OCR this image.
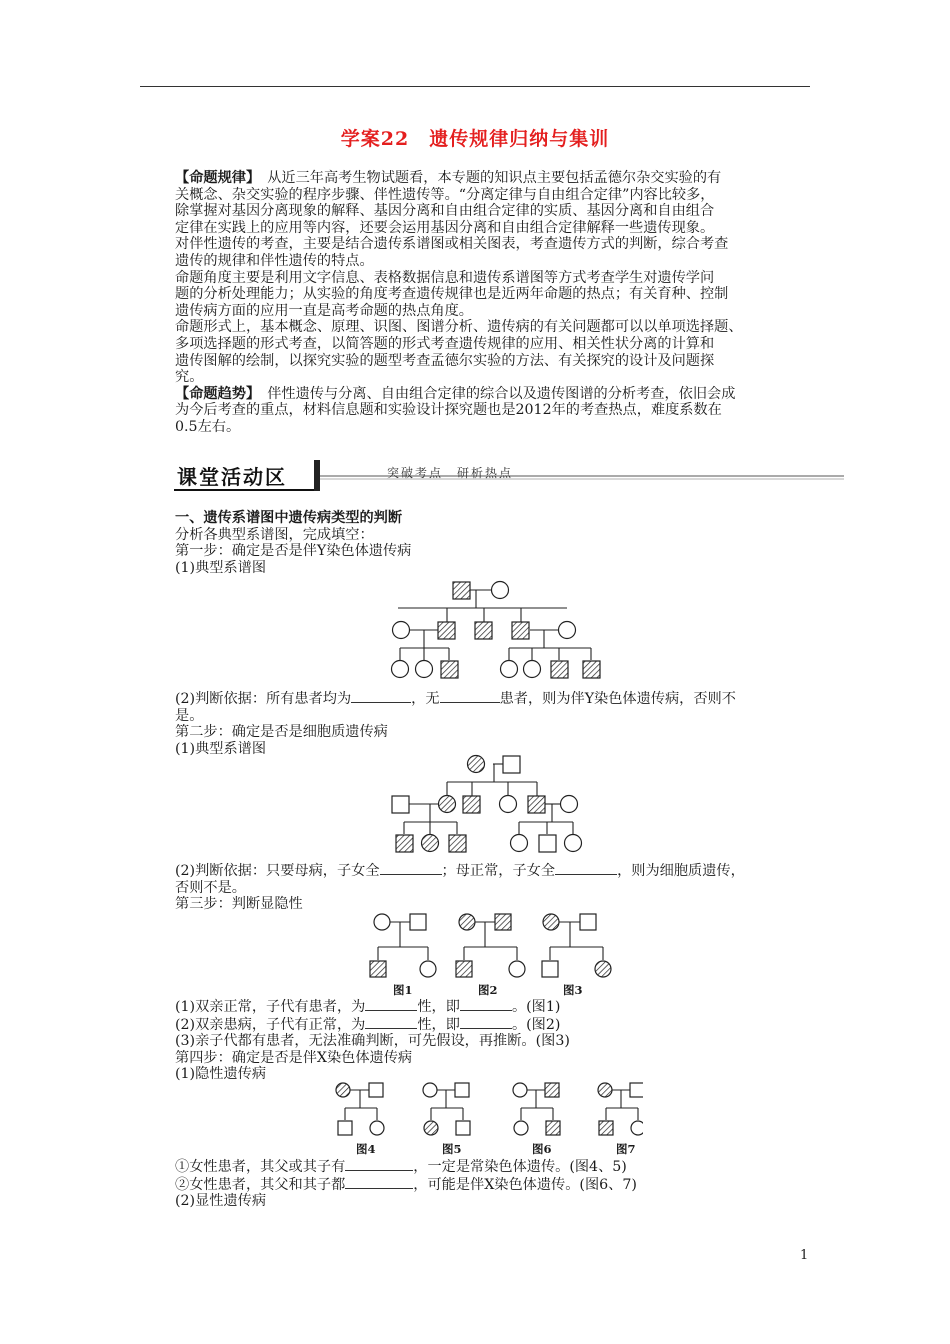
学案22　遗传规律归纳与集训

【命题规律】　从近三年高考生物试题看，本专题的知识点主要包括孟德尔杂交实验的有

关概念、杂交实验的程序步骤、伴性遗传等。“分离定律与自由组合定律”内容比较多，

除掌握对基因分离现象的解释、基因分离和自由组合定律的实质、基因分离和自由组合

定律在实践上的应用等内容，还要会运用基因分离和自由组合定律解释一些遗传现象。

对伴性遗传的考查，主要是结合遗传系谱图或相关图表，考查遗传方式的判断，综合考查

遗传的规律和伴性遗传的特点。

命题角度主要是利用文字信息、表格数据信息和遗传系谱图等方式考查学生对遗传学问

题的分析处理能力；从实验的角度考查遗传规律也是近两年命题的热点；有关育种、控制

遗传病方面的应用一直是高考命题的热点角度。

命题形式上，基本概念、原理、识图、图谱分析、遗传病的有关问题都可以以单项选择题、

多项选择题的形式考查，以简答题的形式考查遗传规律的应用、相关性状分离的计算和

遗传图解的绘制，以探究实验的题型考查孟德尔实验的方法、有关探究的设计及问题探

究。

【命题趋势】　伴性遗传与分离、自由组合定律的综合以及遗传图谱的分析考查，依旧会成

为今后考查的重点，材料信息题和实验设计探究题也是2012年的考查热点，难度系数在

0.5左右。

课堂活动区	突破考点　研析热点

一、遗传系谱图中遗传病类型的判断

分析各典型系谱图，完成填空：

第一步：确定是否是伴Y染色体遗传病

(1)典型系谱图

(2)判断依据：所有患者均为	，无	患者，则为伴Y染色体遗传病，否则不

是。

第二步：确定是否是细胞质遗传病

(1)典型系谱图

(2)判断依据：只要母病，子女全	；母正常，子女全	，则为细胞质遗传，

否则不是。

第三步：判断显隐性

图1	图2	图3

(1)双亲正常，子代有患者，为	性，即	。(图1)

(2)双亲患病，子代有正常，为	性，即	。(图2)

(3)亲子代都有患者，无法准确判断，可先假设，再推断。(图3)

第四步：确定是否是伴X染色体遗传病

(1)隐性遗传病

图4	图5	图6	图7

①女性患者，其父或其子有	，一定是常染色体遗传。(图4、5)

②女性患者，其父和其子都	，可能是伴X染色体遗传。(图6、7)

(2)显性遗传病

1
